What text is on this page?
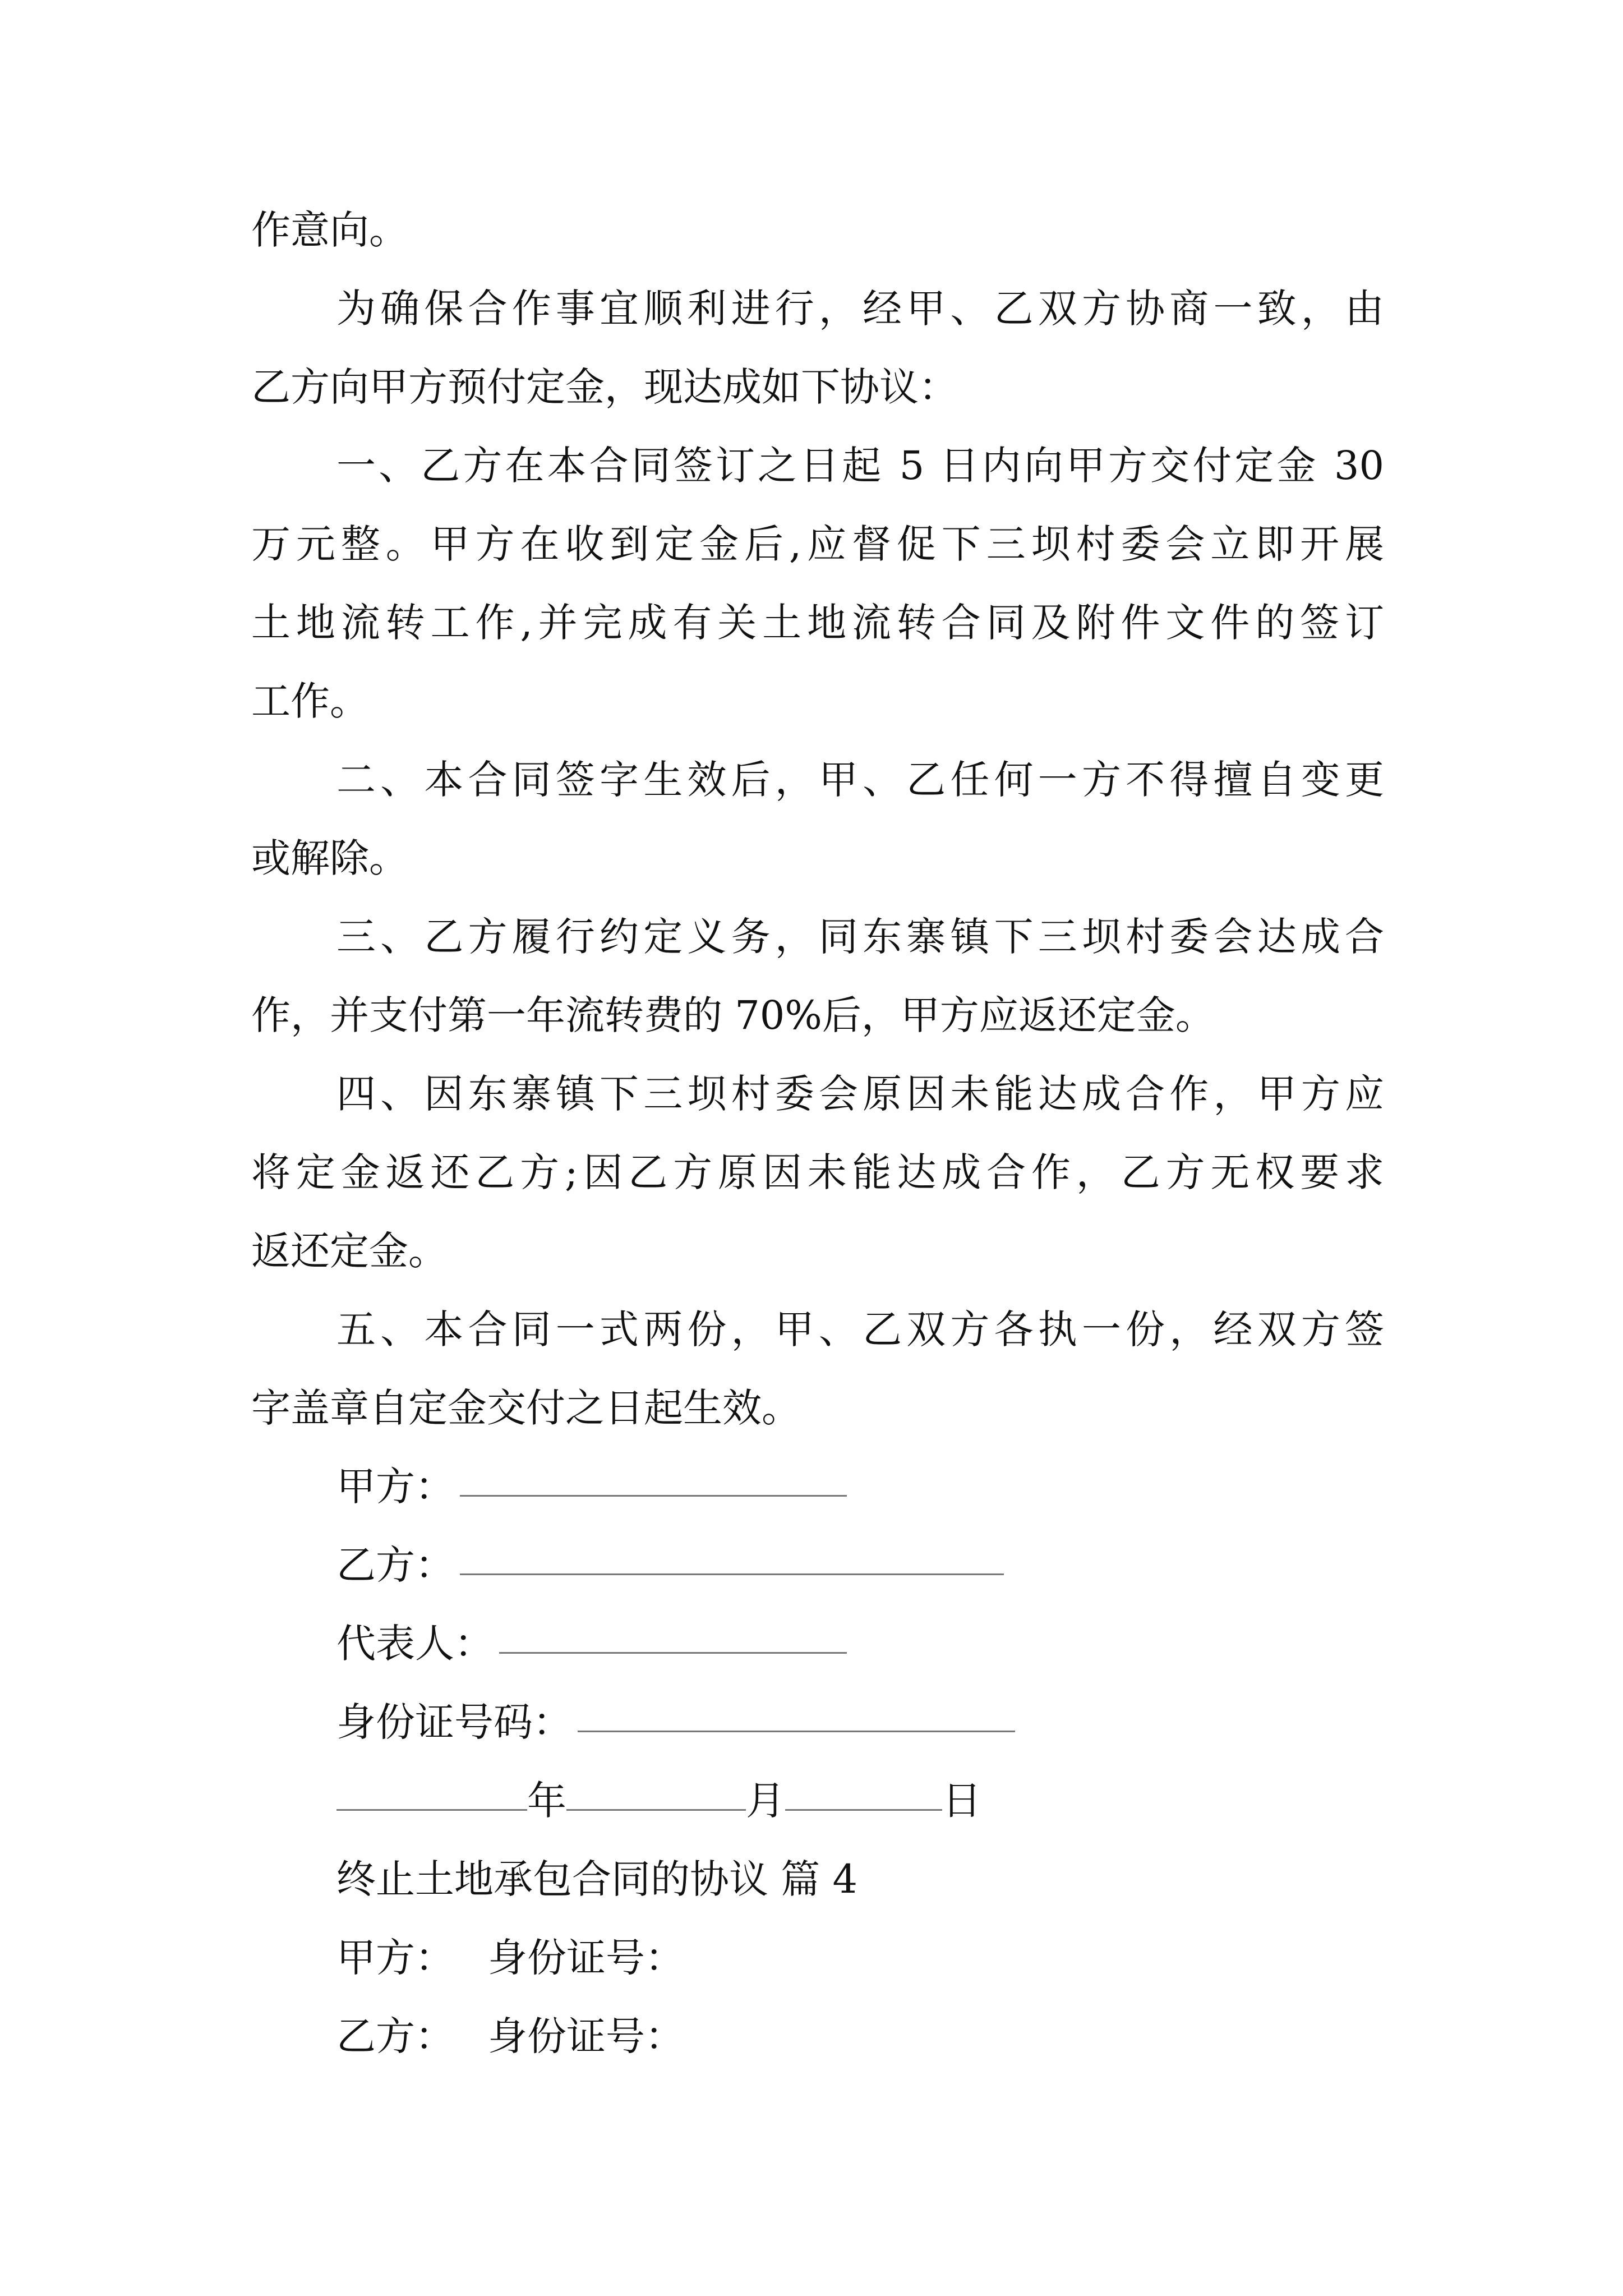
作意向。
为确保合作事宜顺利进行，经甲、乙双方协商一致，由
乙方向甲方预付定金，现达成如下协议：
一、乙方在本合同签订之日起 5 日内向甲方交付定金 30
万元整。甲方在收到定金后,应督促下三坝村委会立即开展
土地流转工作,并完成有关土地流转合同及附件文件的签订
工作。
二、本合同签字生效后，甲、乙任何一方不得擅自变更
或解除。
三、乙方履行约定义务，同东寨镇下三坝村委会达成合
作，并支付第一年流转费的 70%后，甲方应返还定金。
四、因东寨镇下三坝村委会原因未能达成合作，甲方应
将定金返还乙方;因乙方原因未能达成合作，乙方无权要求
返还定金。
五、本合同一式两份，甲、乙双方各执一份，经双方签
字盖章自定金交付之日起生效。
甲方：
乙方：
代表人：
身份证号码：
年	月	日
终止土地承包合同的协议 篇 4
甲方： 身份证号：
乙方： 身份证号：
